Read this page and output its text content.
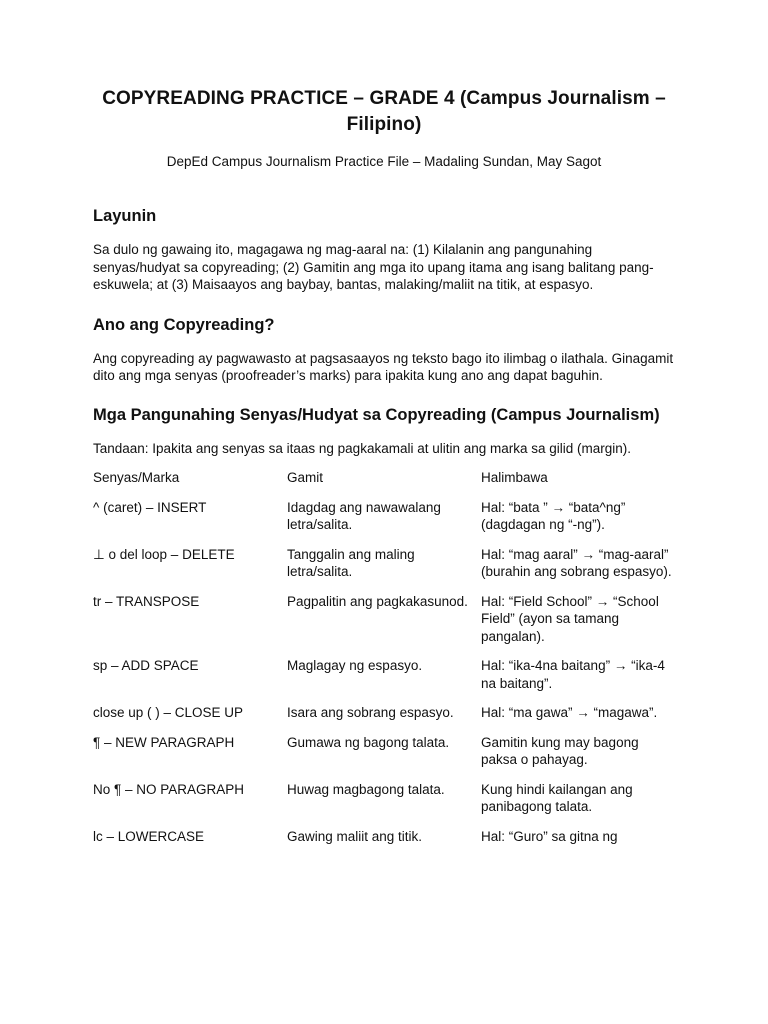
COPYREADING PRACTICE – GRADE 4 (Campus Journalism – Filipino)
DepEd Campus Journalism Practice File – Madaling Sundan, May Sagot
Layunin

Sa dulo ng gawaing ito, magagawa ng mag-aaral na: (1) Kilalanin ang pangunahing senyas/hudyat sa copyreading; (2) Gamitin ang mga ito upang itama ang isang balitang pang-eskuwela; at (3) Maisaayos ang baybay, bantas, malaking/maliit na titik, at espasyo.

Ano ang Copyreading?

Ang copyreading ay pagwawasto at pagsasaayos ng teksto bago ito ilimbag o ilathala. Ginagamit dito ang mga senyas (proofreader’s marks) para ipakita kung ano ang dapat baguhin.

Mga Pangunahing Senyas/Hudyat sa Copyreading (Campus Journalism)

Tandaan: Ipakita ang senyas sa itaas ng pagkakamali at ulitin ang marka sa gilid (margin).

Senyas/Marka	Gamit	Halimbawa
^ (caret) – INSERT	Idagdag ang nawawalang letra/salita.	Hal: “bata ” → “bata^ng” (dagdagan ng “-ng”).
⊥ o del loop – DELETE	Tanggalin ang maling letra/salita.	Hal: “mag aaral” → “mag-aaral” (burahin ang sobrang espasyo).
tr – TRANSPOSE	Pagpalitin ang pagkakasunod.	Hal: “Field School” → “School Field” (ayon sa tamang pangalan).
sp – ADD SPACE	Maglagay ng espasyo.	Hal: “ika-4na baitang” → “ika-4 na baitang”.
close up ( ) – CLOSE UP	Isara ang sobrang espasyo.	Hal: “ma gawa” → “magawa”.
¶ – NEW PARAGRAPH	Gumawa ng bagong talata.	Gamitin kung may bagong paksa o pahayag.
No ¶ – NO PARAGRAPH	Huwag magbagong talata.	Kung hindi kailangan ang panibagong talata.
lc – LOWERCASE	Gawing maliit ang titik.	Hal: “Guro” sa gitna ng
